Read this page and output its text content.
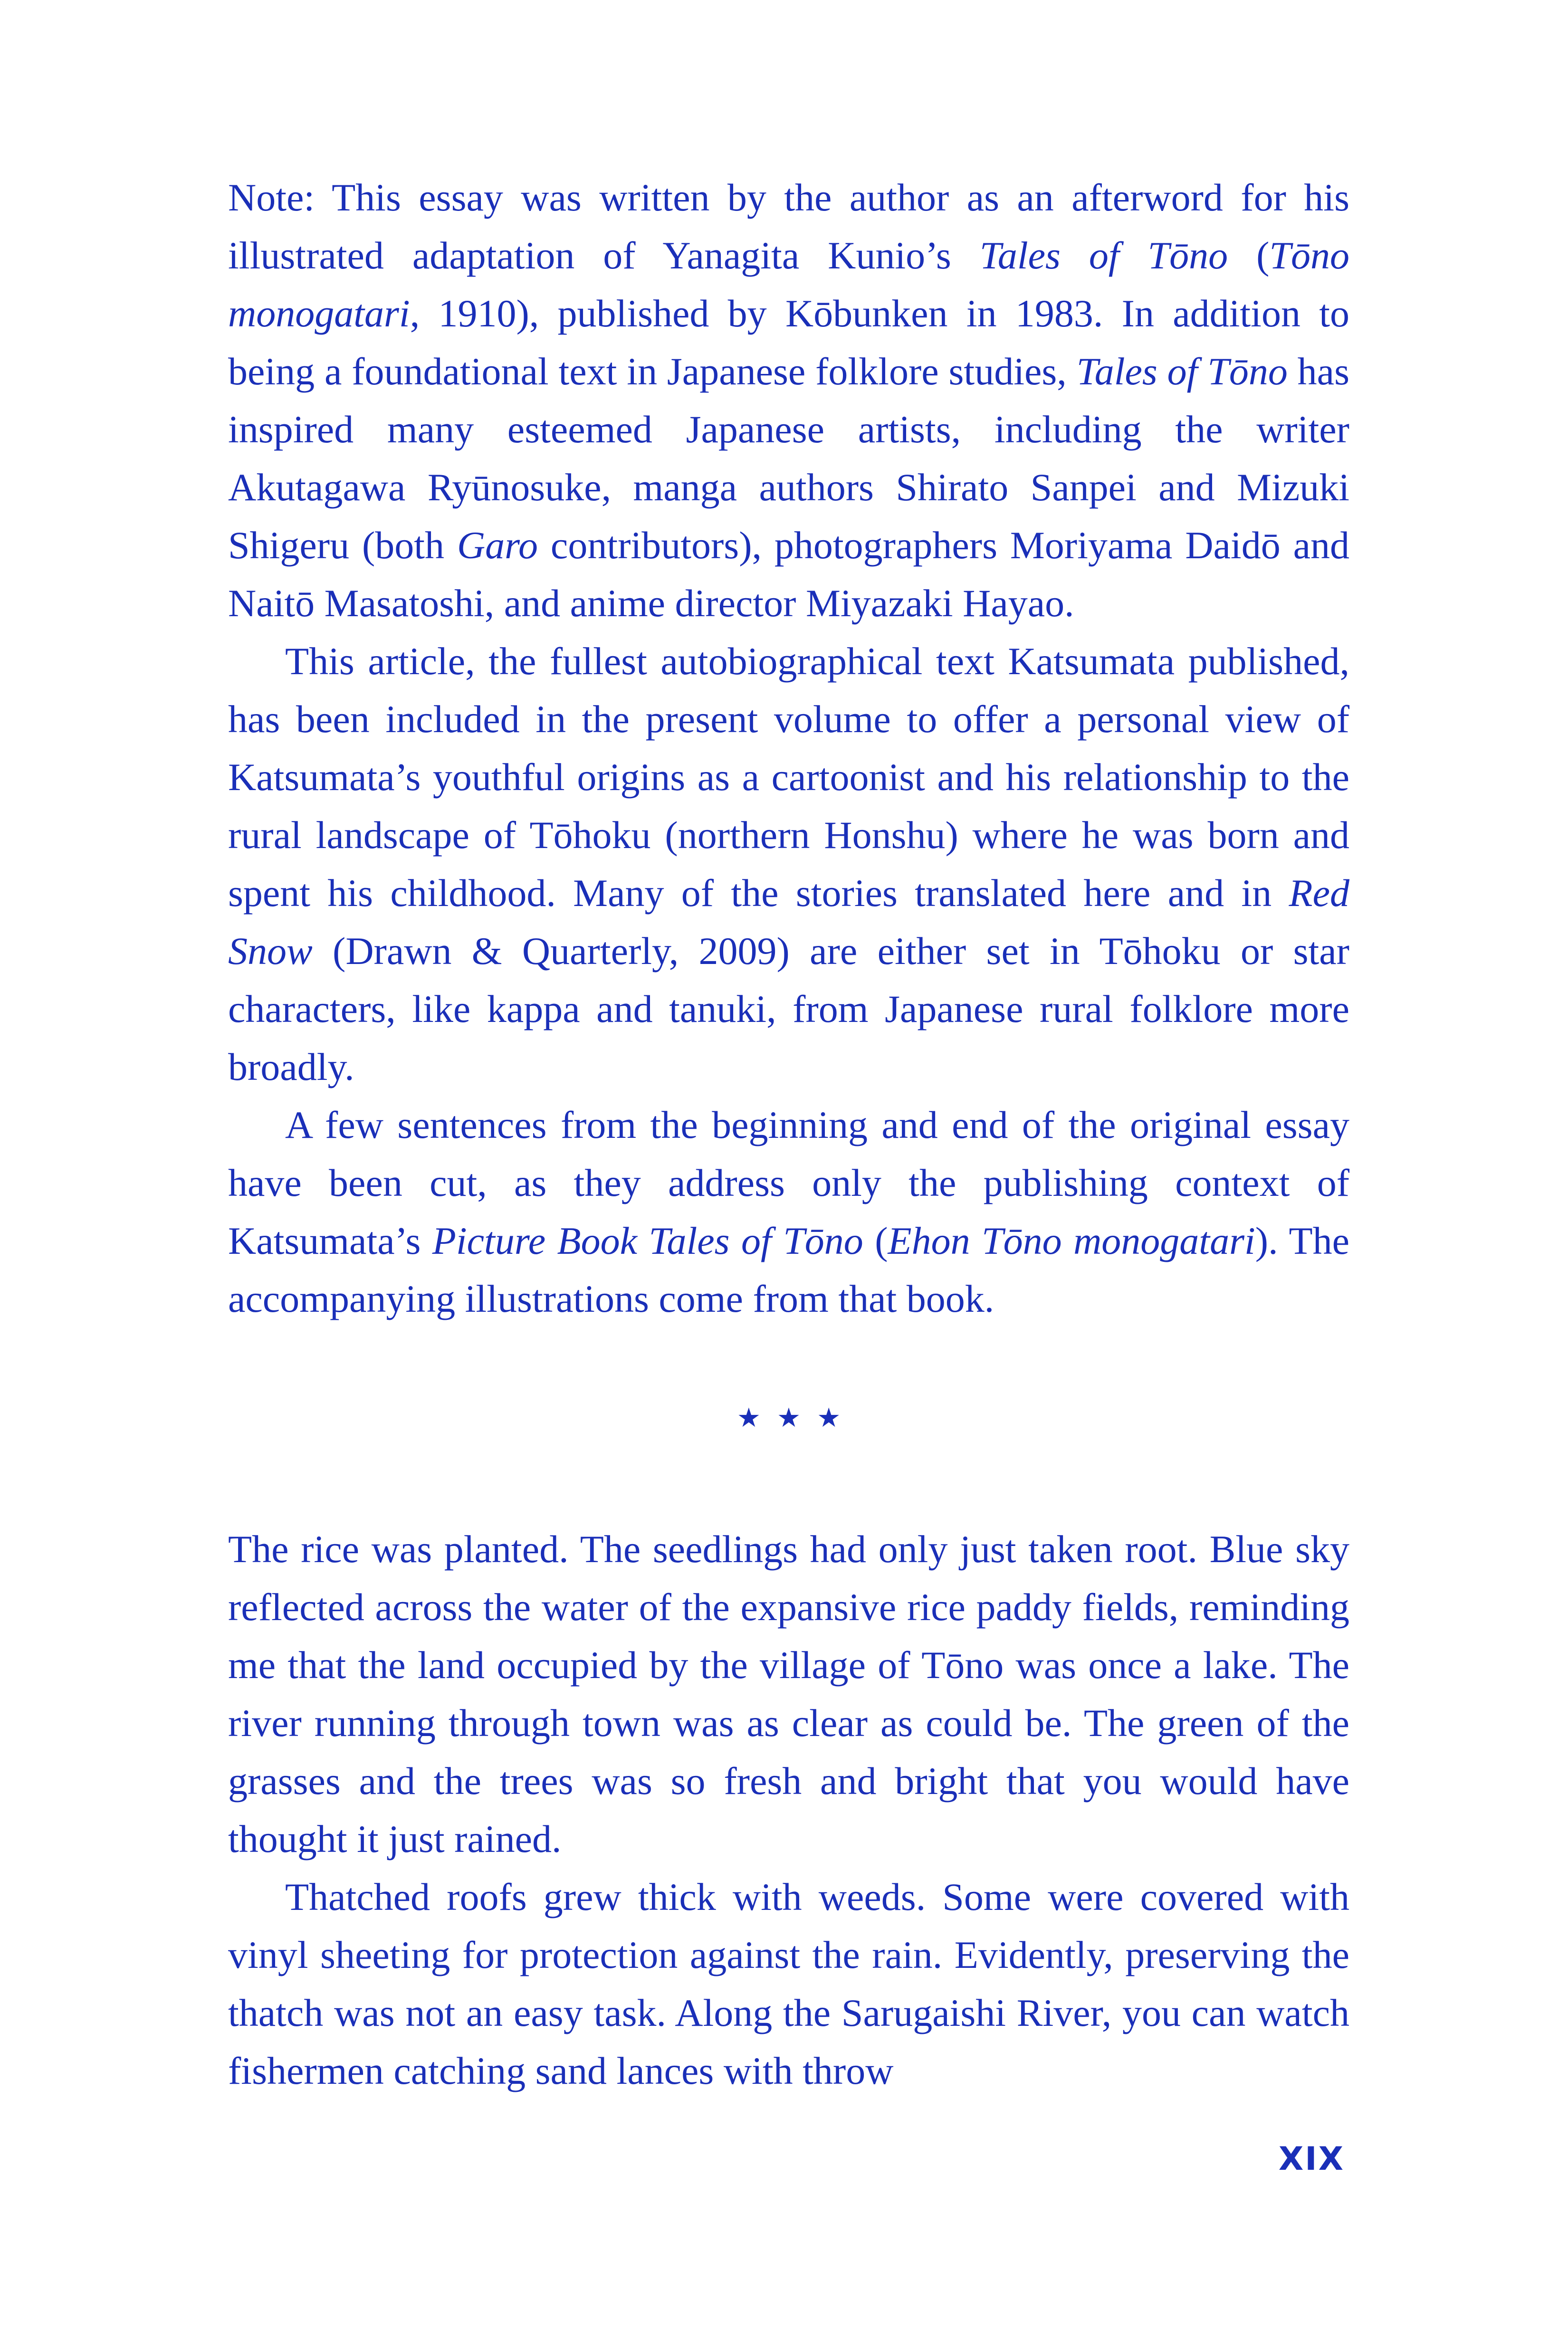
Note: This essay was written by the author as an afterword for his illustrated adaptation of Yanagita Kunio’s Tales of Tōno (Tōno monogatari, 1910), published by Kōbunken in 1983. In addition to being a foundational text in Japanese folklore studies, Tales of Tōno has inspired many esteemed Japanese artists, including the writer Akutagawa Ryūnosuke, manga authors Shirato Sanpei and Mizuki Shigeru (both Garo contributors), photographers Moriyama Daidō and Naitō Masatoshi, and anime director Miyazaki Hayao.

This article, the fullest autobiographical text Katsumata published, has been included in the present volume to offer a personal view of Katsumata’s youthful origins as a cartoonist and his relationship to the rural landscape of Tōhoku (northern Honshu) where he was born and spent his childhood. Many of the stories translated here and in Red Snow (Drawn & Quarterly, 2009) are either set in Tōhoku or star characters, like kappa and tanuki, from Japanese rural folklore more broadly.

A few sentences from the beginning and end of the original essay have been cut, as they address only the publishing context of Katsumata’s Picture Book Tales of Tōno (Ehon Tōno monogatari). The accompanying illustrations come from that book.

★★★

The rice was planted. The seedlings had only just taken root. Blue sky reflected across the water of the expansive rice paddy fields, reminding me that the land occupied by the village of Tōno was once a lake. The river running through town was as clear as could be. The green of the grasses and the trees was so fresh and bright that you would have thought it just rained.

Thatched roofs grew thick with weeds. Some were covered with vinyl sheeting for protection against the rain. Evidently, preserving the thatch was not an easy task. Along the Sarugaishi River, you can watch fishermen catching sand lances with throw

XIX
